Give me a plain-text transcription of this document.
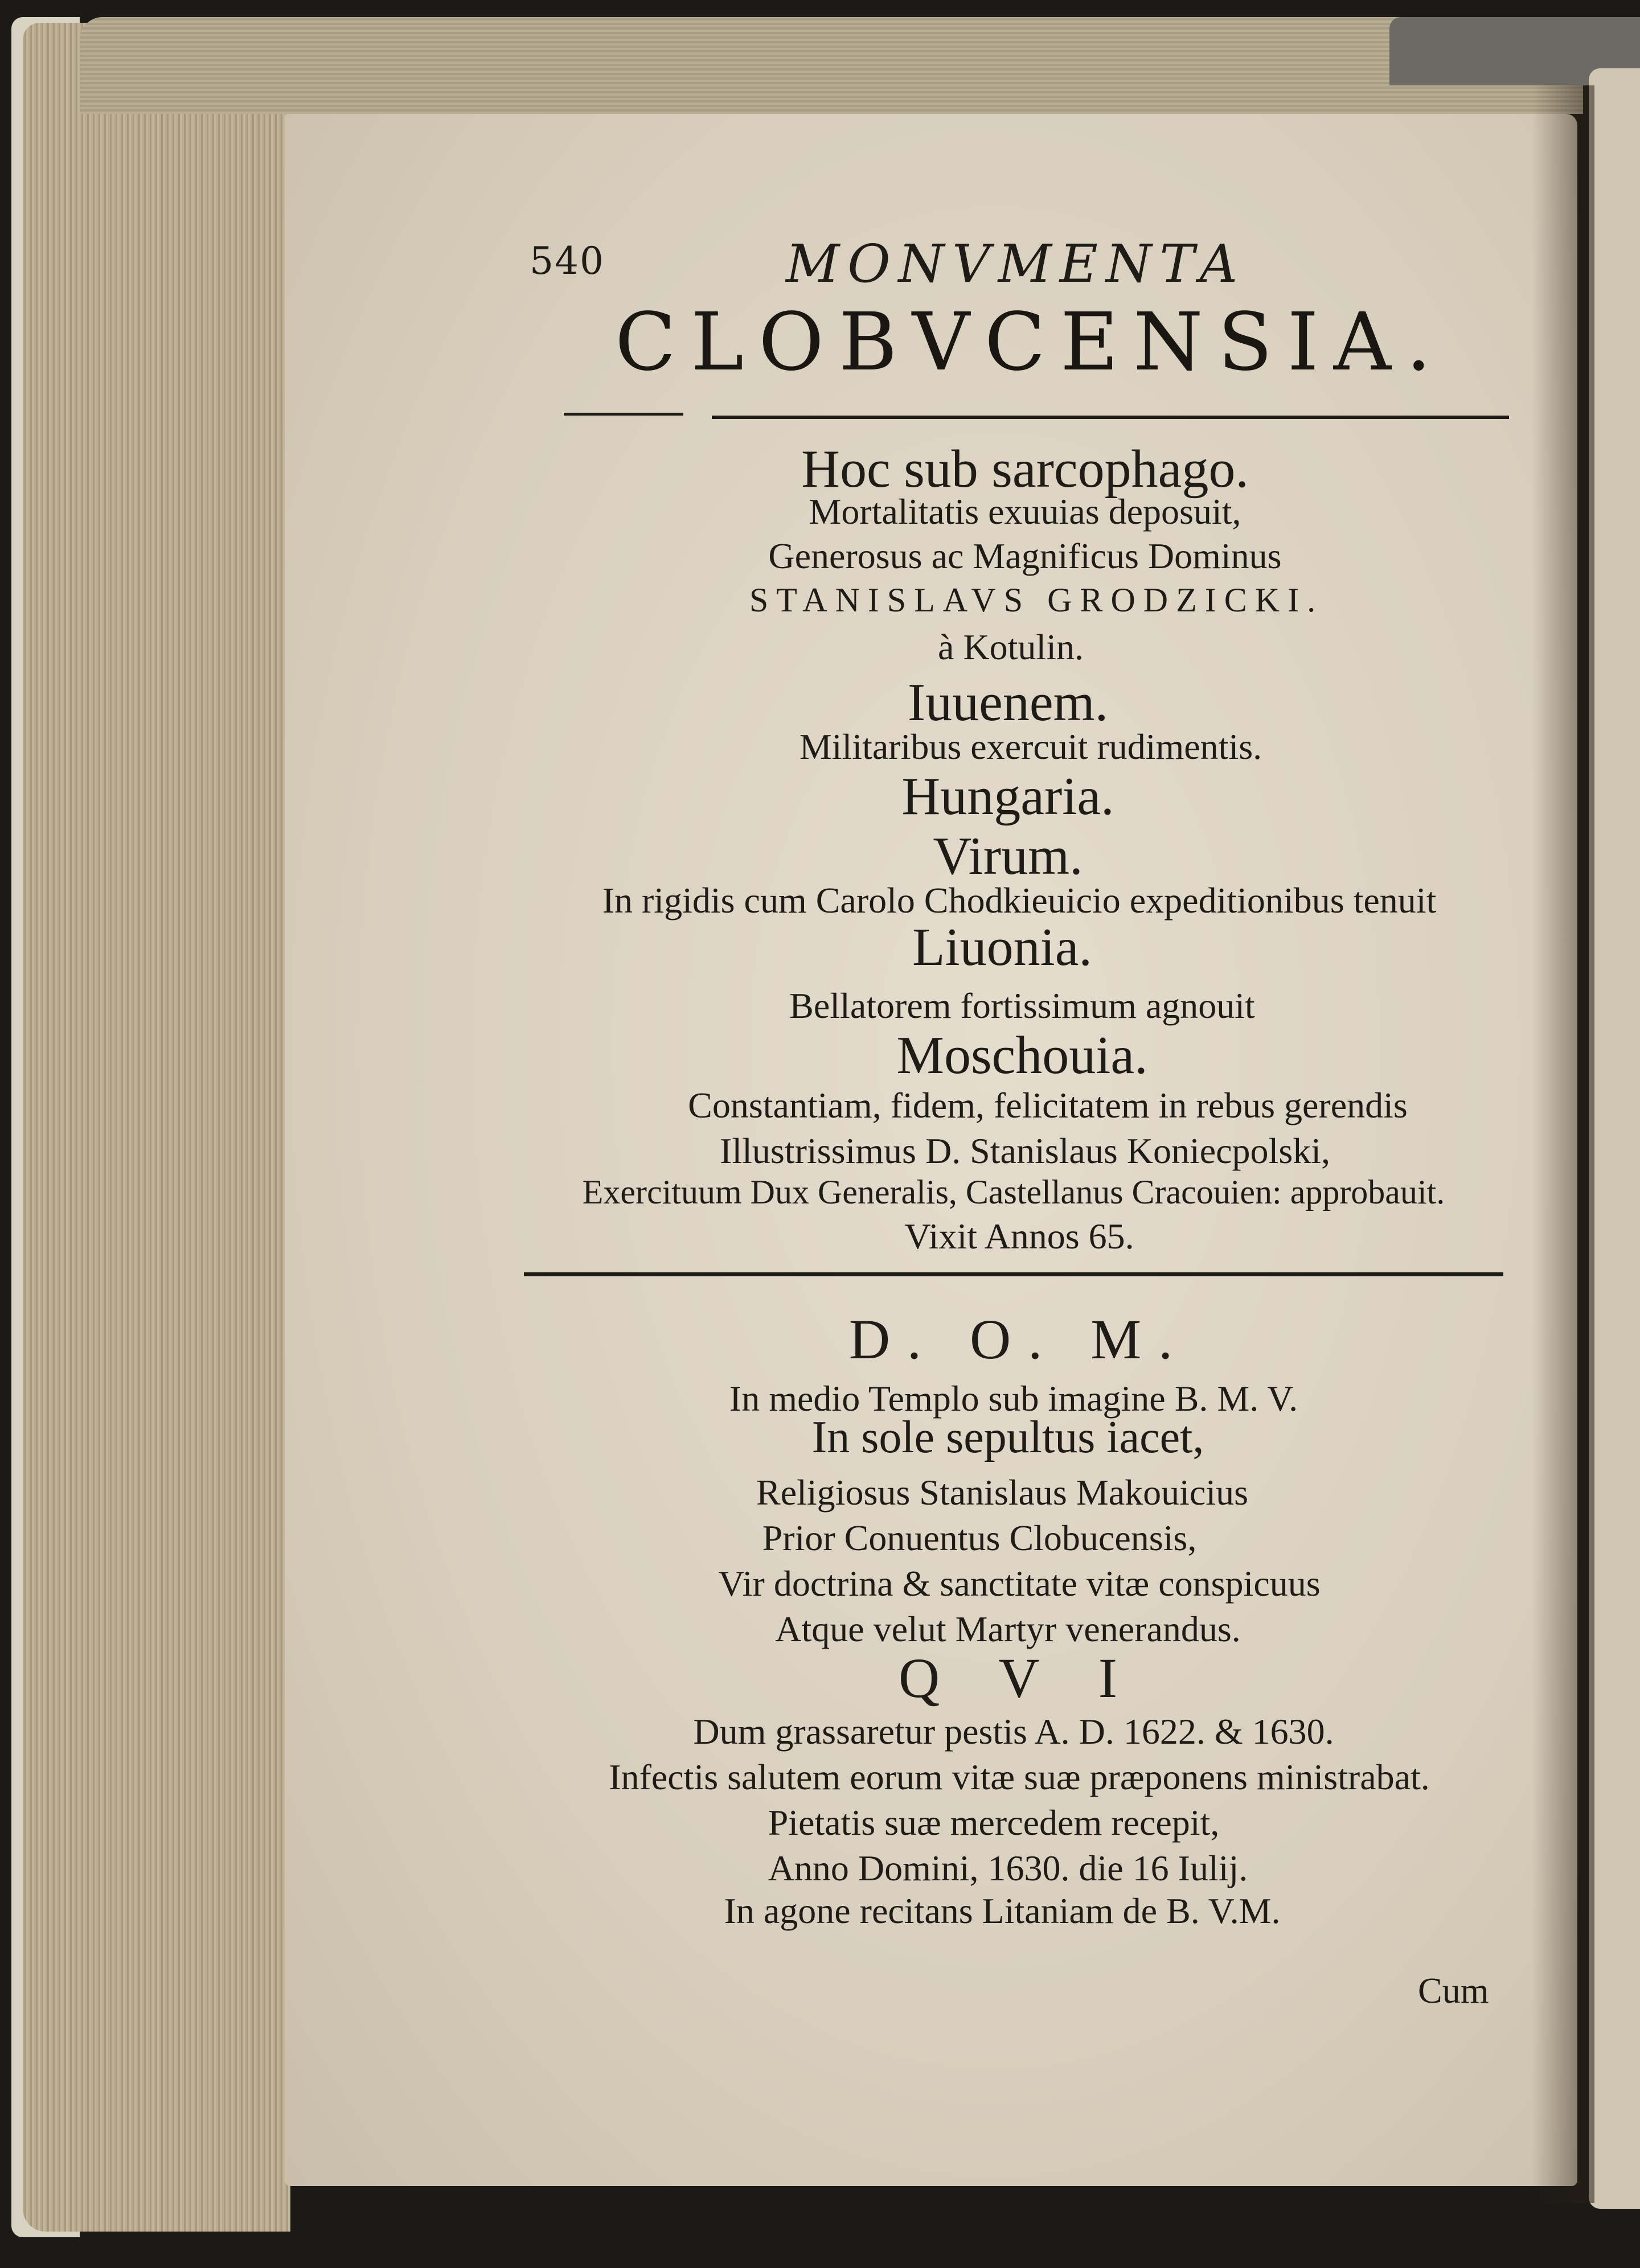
540	MONVMENTA
CLOBVCENSIA.
Hoc sub sarcophago.
Mortalitatis exuuias deposuit,
Generosus ac Magnificus Dominus
STANISLAVS GRODZICKI.
à Kotulin.
Iuuenem.
Militaribus exercuit rudimentis.
Hungaria.
Virum.
In rigidis cum Carolo Chodkieuicio expeditionibus tenuit
Liuonia.
Bellatorem fortissimum agnouit
Moschouia.
Constantiam, fidem, felicitatem in rebus gerendis
Illustrissimus D. Stanislaus Koniecpolski,
Exercituum Dux Generalis, Castellanus Cracouien: approbauit.
Vixit Annos 65.
D. O. M.
In medio Templo sub imagine B. M. V.
In sole sepultus iacet,
Religiosus Stanislaus Makouicius
Prior Conuentus Clobucensis,
Vir doctrina & sanctitate vitæ conspicuus
Atque velut Martyr venerandus.
Q V I
Dum grassaretur pestis A. D. 1622. & 1630.
Infectis salutem eorum vitæ suæ præponens ministrabat.
Pietatis suæ mercedem recepit,
Anno Domini, 1630. die 16 Iulij.
In agone recitans Litaniam de B. V.M.
Cum
